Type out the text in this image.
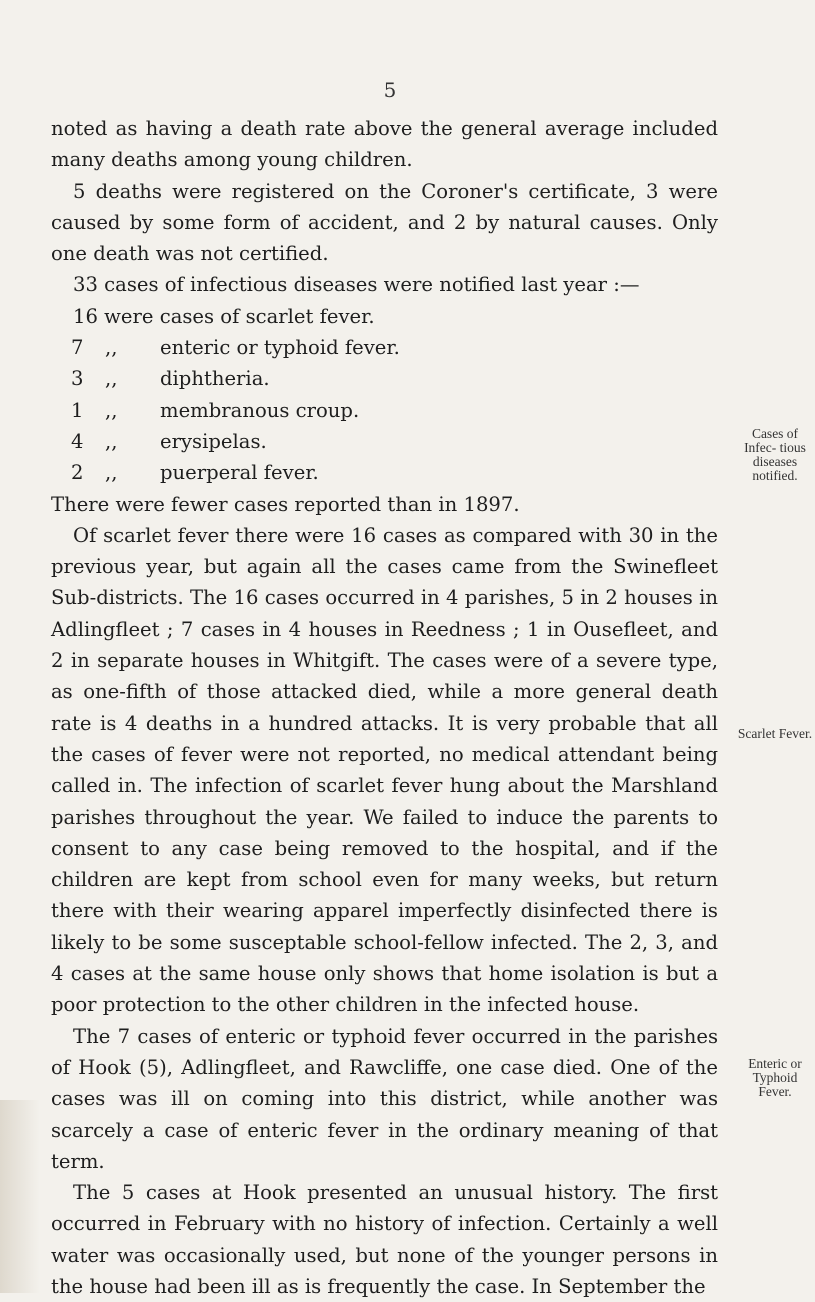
5

noted as having a death rate above the general average included many deaths among young children.

5 deaths were registered on the Coroner's certificate, 3 were caused by some form of accident, and 2 by natural causes. Only one death was not certified.

33 cases of infectious diseases were notified last year :—

16 were cases of scarlet fever.
7	,,	enteric or typhoid fever.
3	,,	diphtheria.
1	,,	membranous croup.
4	,,	erysipelas.
2	,,	puerperal fever.

There were fewer cases reported than in 1897.

Of scarlet fever there were 16 cases as compared with 30 in the previous year, but again all the cases came from the Swinefleet Sub-districts. The 16 cases occurred in 4 parishes, 5 in 2 houses in Adlingfleet ; 7 cases in 4 houses in Reedness ; 1 in Ousefleet, and 2 in separate houses in Whitgift. The cases were of a severe type, as one-fifth of those attacked died, while a more general death rate is 4 deaths in a hundred attacks. It is very probable that all the cases of fever were not reported, no medical attendant being called in. The infection of scarlet fever hung about the Marshland parishes throughout the year. We failed to induce the parents to consent to any case being removed to the hospital, and if the children are kept from school even for many weeks, but return there with their wearing apparel imperfectly disinfected there is likely to be some susceptable school-fellow infected. The 2, 3, and 4 cases at the same house only shows that home isolation is but a poor protection to the other children in the infected house.

The 7 cases of enteric or typhoid fever occurred in the parishes of Hook (5), Adlingfleet, and Rawcliffe, one case died. One of the cases was ill on coming into this district, while another was scarcely a case of enteric fever in the ordinary meaning of that term.

The 5 cases at Hook presented an unusual history. The first occurred in February with no history of infection. Certainly a well water was occasionally used, but none of the younger persons in the house had been ill as is frequently the case. In September the

Cases of Infec- tious diseases notified.
Scarlet Fever.
Enteric or Typhoid Fever.
